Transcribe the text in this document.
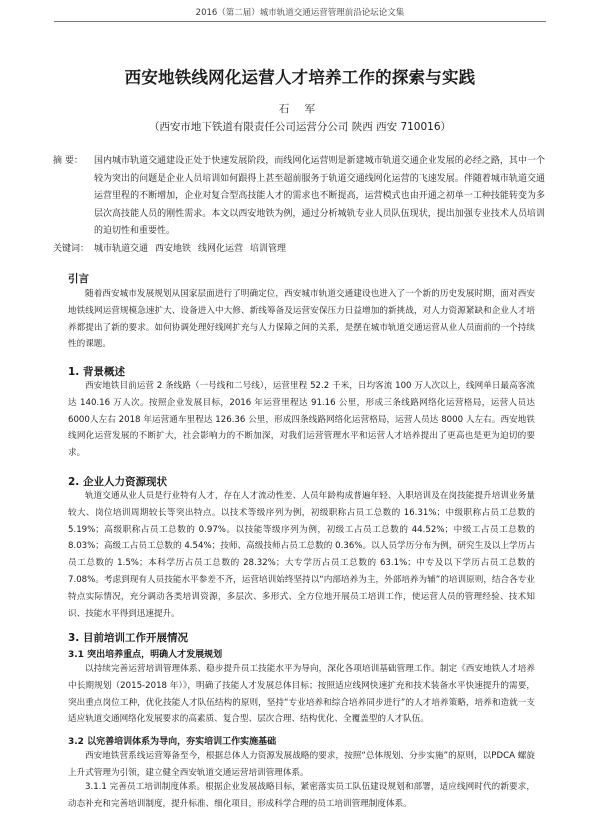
2016（第二届）城市轨道交通运营管理前沿论坛论文集
西安地铁线网化运营人才培养工作的探索与实践
石 军
（西安市地下铁道有限责任公司运营分公司 陕西 西安 710016）
摘 要：	国内城市轨道交通建设正处于快速发展阶段，而线网化运营则是新建城市轨道交通企业发展的必经之路，其中一个较为突出的问题是企业人员培训如何跟得上甚至超前服务于轨道交通线网化运营的飞速发展。伴随着城市轨道交通运营里程的不断增加，企业对复合型高技能人才的需求也不断提高，运营模式也由开通之初单一工种技能转变为多层次高技能人员的刚性需求。本文以西安地铁为例，通过分析城轨专业人员队伍现状，提出加强专业技术人员培训的迫切性和重要性。
关键词： 城市轨道交通 西安地铁 线网化运营 培训管理
引言

随着西安城市发展规划从国家层面进行了明确定位，西安城市轨道交通建设也进入了一个新的历史发展时期，面对西安地铁线网运营规模急速扩大、设备进入中大修、新线筹备及运营安保压力日益增加的新挑战，对人力资源紧缺和企业人才培养都提出了新的要求。如何协调处理好线网扩充与人力保障之间的关系，是摆在城市轨道交通运营从业人员面前的一个持续性的课题。

1. 背景概述

西安地铁目前运营 2 条线路（一号线和二号线），运营里程 52.2 千米，日均客流 100 万人次以上，线网单日最高客流达 140.16 万人次。按照企业发展目标，2016 年运营里程达 91.16 公里，形成三条线路网络化运营格局，运营人员达6000人左右 2018 年运营通车里程达 126.36 公里，形成四条线路网络化运营格局，运营人员达 8000 人左右。西安地铁线网化运营发展的不断扩大，社会影响力的不断加深，对我们运营管理水平和运营人才培养提出了更高也是更为迫切的要求。

2. 企业人力资源现状

轨道交通从业人员是行业特有人才，存在人才流动性差、人员年龄构成普遍年轻、入职培训及在岗技能提升培训业务量较大、岗位培训周期较长等突出特点。以技术等级序列为例，初级职称占员工总数的 16.31%；中级职称占员工总数的 5.19%；高级职称占员工总数的 0.97%。以技能等级序列为例，初级工占员工总数的 44.52%；中级工占员工总数的 8.03%；高级工占员工总数的 4.54%；技师、高级技师占员工总数的 0.36%。以人员学历分布为例，研究生及以上学历占员工总数的 1.5%；本科学历占员工总数的 28.32%；大专学历占员工总数的 63.1%；中专及以下学历占员工总数的 7.08%。考虑到现有人员技能水平参差不齐，运营培训始终坚持以“内部培养为主，外部培养为辅”的培训原则，结合各专业特点实际情况，充分调动各类培训资源，多层次、多形式、全方位地开展员工培训工作，使运营人员的管理经验、技术知识、技能水平得到迅速提升。

3. 目前培训工作开展情况
3.1 突出培养重点，明确人才发展规划

以持续完善运营培训管理体系、稳步提升员工技能水平为导向，深化各项培训基础管理工作。制定《西安地铁人才培养中长期规划（2015-2018 年）》，明确了技能人才发展总体目标；按照适应线网快速扩充和技术装备水平快速提升的需要，突出重点岗位工种，优化技能人才队伍结构的原则，坚持“专业培养和综合培养同步进行”的人才培养策略，培养和造就一支适应轨道交通网络化发展要求的高素质、复合型、层次合理、结构优化、全覆盖型的人才队伍。

3.2 以完善培训体系为导向，夯实培训工作实施基础

西安地铁营系线运营筹备至今，根据总体人力资源发展战略的要求，按照“总体规划、分步实施”的原则，以PDCA 螺旋上升式管理为引领，建立健全西安轨道交通运营培训管理体系。

3.1.1 完善员工培训制度体系。根据企业发展战略目标，紧密落实员工队伍建设规划和部署，适应线网时代的新要求，动态补充和完善培训制度，提升标准、细化项目，形成科学合理的员工培训管理制度体系。
